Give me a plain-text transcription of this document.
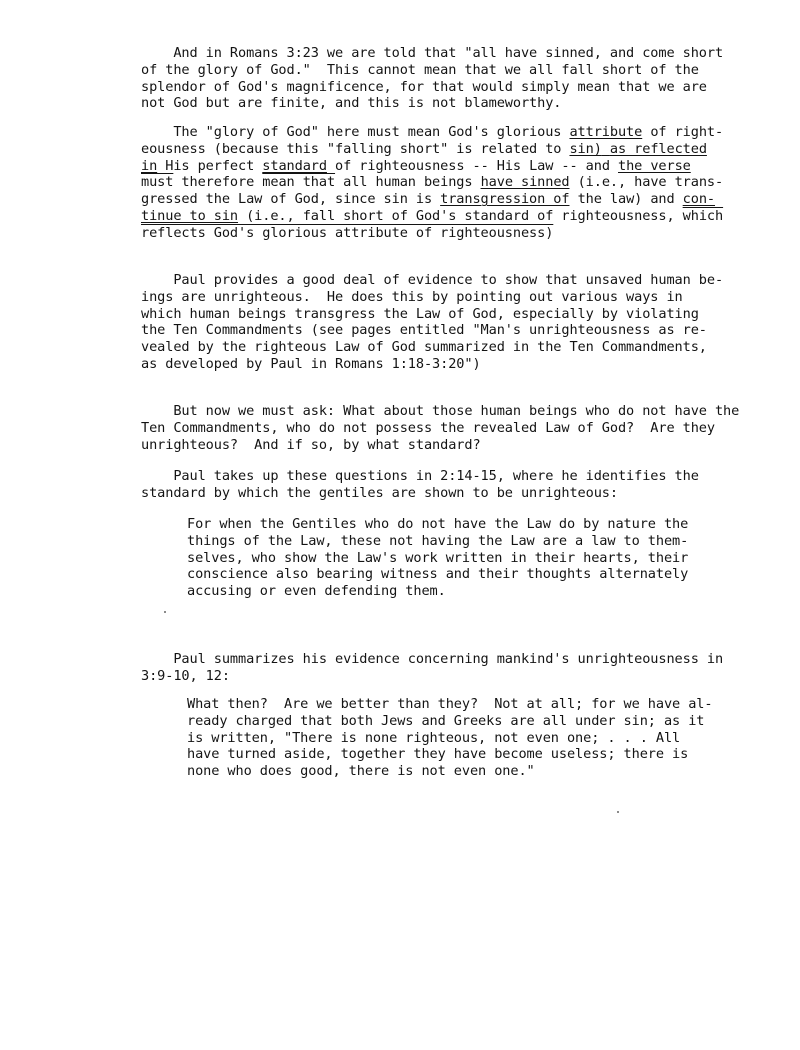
And in Romans 3:23 we are told that "all have sinned, and come short
of the glory of God."  This cannot mean that we all fall short of the
splendor of God's magnificence, for that would simply mean that we are
not God but are finite, and this is not blameworthy.
The "glory of God" here must mean God's glorious attribute of right-
eousness (because this "falling short" is related to sin) as reflected
in His perfect standard of righteousness -- His Law -- and the verse
must therefore mean that all human beings have sinned (i.e., have trans-
gressed the Law of God, since sin is transgression of the law) and con-
tinue to sin (i.e., fall short of God's standard of righteousness, which
reflects God's glorious attribute of righteousness)
Paul provides a good deal of evidence to show that unsaved human be-
ings are unrighteous.  He does this by pointing out various ways in
which human beings transgress the Law of God, especially by violating
the Ten Commandments (see pages entitled "Man's unrighteousness as re-
vealed by the righteous Law of God summarized in the Ten Commandments,
as developed by Paul in Romans 1:18-3:20")
But now we must ask: What about those human beings who do not have the
Ten Commandments, who do not possess the revealed Law of God?  Are they
unrighteous?  And if so, by what standard?
Paul takes up these questions in 2:14-15, where he identifies the
standard by which the gentiles are shown to be unrighteous:
For when the Gentiles who do not have the Law do by nature the
things of the Law, these not having the Law are a law to them-
selves, who show the Law's work written in their hearts, their
conscience also bearing witness and their thoughts alternately
accusing or even defending them.
Paul summarizes his evidence concerning mankind's unrighteousness in
3:9-10, 12:
What then?  Are we better than they?  Not at all; for we have al-
ready charged that both Jews and Greeks are all under sin; as it
is written, "There is none righteous, not even one; . . . All
have turned aside, together they have become useless; there is
none who does good, there is not even one."
